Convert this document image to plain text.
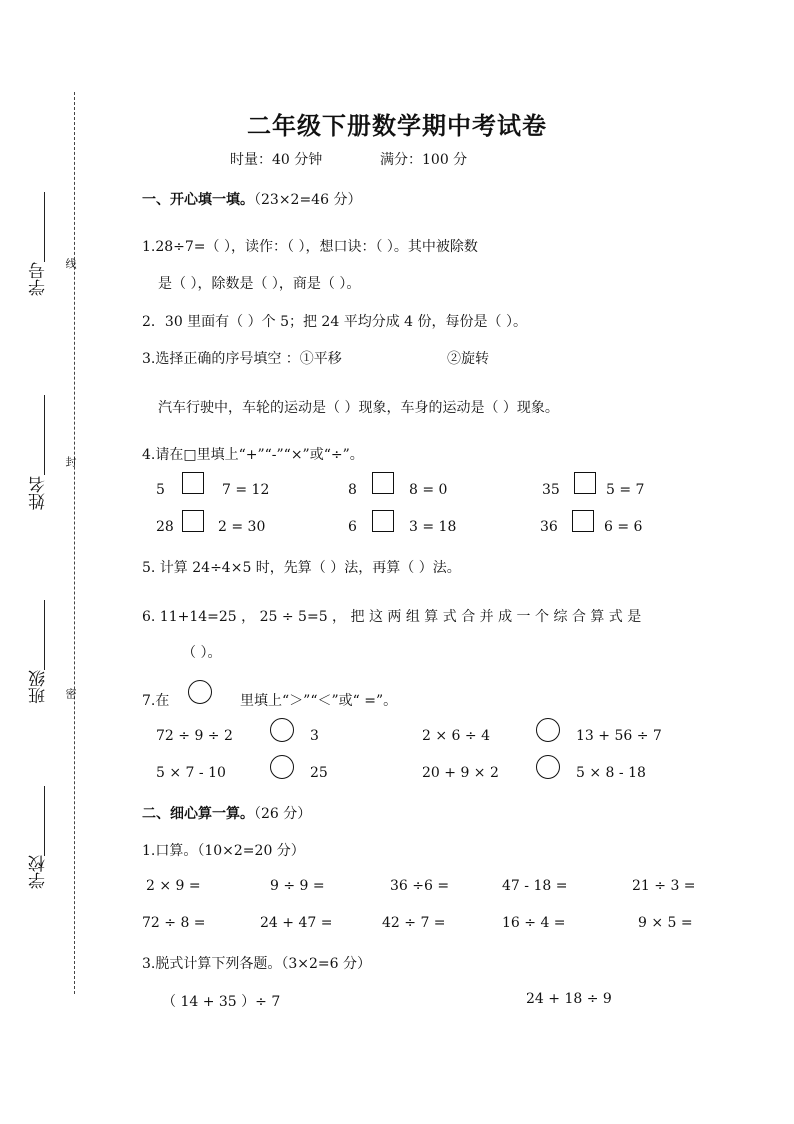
学号 线
姓名
封
班级 密
学校
二年级下册数学期中考试卷
时量：40 分钟	满分：100 分
一、开心填一填。（23×2=46 分）
1.28÷7=（ ），读作：（ ），想口诀：（ ）。其中被除数
是（ ），除数是（ ），商是（ ）。
2．30 里面有（ ）个 5；把 24 平均分成 4 份，每份是（ ）。
3.选择正确的序号填空 ：①平移	②旋转
汽车行驶中，车轮的运动是（ ）现象，车身的运动是（ ）现象。
4.请在□里填上“+”“-”“×”或“÷”。
5	7 = 12	8	8 = 0	35	5 = 7
28	2 = 30	6	3 = 18	36	6 = 6
5. 计算 24÷4×5 时，先算（ ）法，再算（ ）法。
6. 11+14=25 ， 25 ÷ 5=5 ， 把 这 两 组 算 式 合 并 成 一 个 综 合 算 式 是
（ ）。
7.在	里填上“＞”“＜”或“ =”。
72 ÷ 9 ÷ 2	3	2 × 6 ÷ 4	13 + 56 ÷ 7
5 × 7 - 10	25	20 + 9 × 2	5 × 8 - 18
二、细心算一算。（26 分）
1.口算。（10×2=20 分）
2 × 9 =	9 ÷ 9 =	36 ÷6 =	47 - 18 =	21 ÷ 3 =
72 ÷ 8 =	24 + 47 =	42 ÷ 7 =	16 ÷ 4 =	9 × 5 =
3.脱式计算下列各题。（3×2=6 分）
（ 14 + 35 ）÷ 7	24 + 18 ÷ 9
